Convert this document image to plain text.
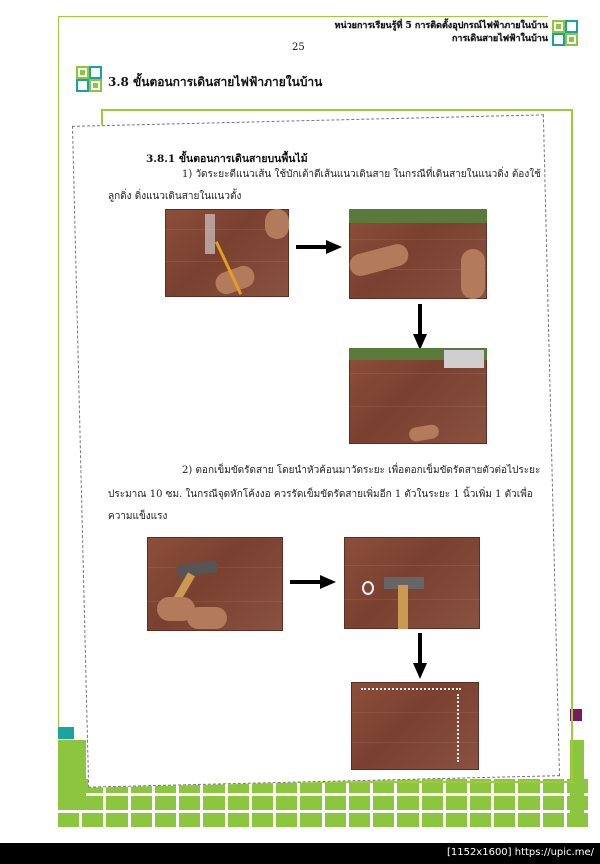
หน่วยการเรียนรู้ที่ 5 การติดตั้งอุปกรณ์ไฟฟ้าภายในบ้าน
การเดินสายไฟฟ้าในบ้าน
25
3.8 ขั้นตอนการเดินสายไฟฟ้าภายในบ้าน
3.8.1 ขั้นตอนการเดินสายบนพื้นไม้
1) วัดระยะตีแนวเส้น ใช้บักเต้าตีเส้นแนวเดินสาย ในกรณีที่เดินสายในแนวดิ่ง ต้องใช้
ลูกดิ่ง ดิ่งแนวเดินสายในแนวตั้ง
2) ตอกเข็มขัดรัดสาย โดยนำหัวค้อนมาวัดระยะ เพื่อตอกเข็มขัดรัดสายตัวต่อไประยะ
ประมาณ 10 ซม. ในกรณีจุดหักโค้งงอ ควรรัดเข็มขัดรัดสายเพิ่มอีก 1 ตัวในระยะ 1 นิ้วเพิ่ม 1 ตัวเพื่อ
ความแข็งแรง
[1152x1600] https://upic.me/
